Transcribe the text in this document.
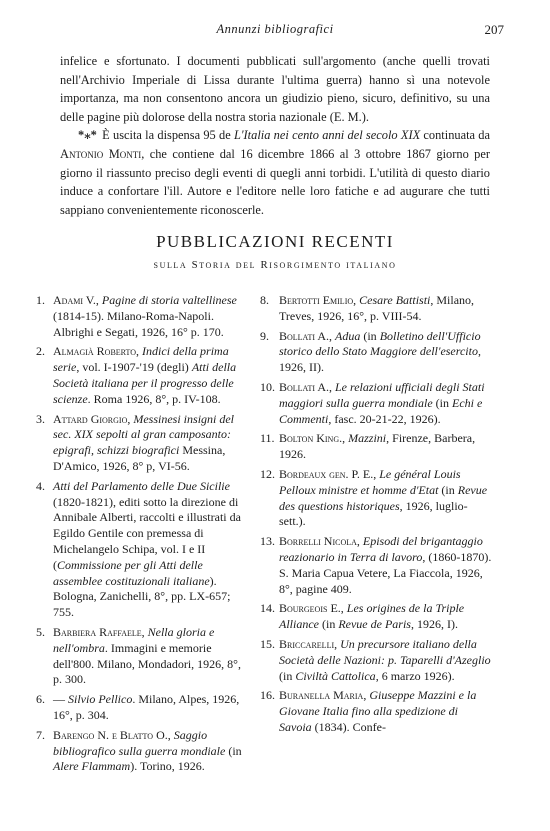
Annunzi bibliografici	207

infelice e sfortunato. I documenti pubblicati sull'argomento (anche quelli trovati nell'Archivio Imperiale di Lissa durante l'ultima guerra) hanno sì una notevole importanza, ma non consentono ancora un giudizio pieno, sicuro, definitivo, su una delle pagine più dolorose della nostra storia nazionale (E. M.).

*⁎* È uscita la dispensa 95 de L'Italia nei cento anni del secolo XIX continuata da Antonio Monti, che contiene dal 16 dicembre 1866 al 3 ottobre 1867 giorno per giorno il riassunto preciso degli eventi di quegli anni torbidi. L'utilità di questo diario induce a confortare l'ill. Autore e l'editore nelle loro fatiche e ad augurare che tutti sappiano convenientemente riconoscerle.

PUBBLICAZIONI RECENTI
sulla Storia del Risorgimento italiano

1. Adami V., Pagine di storia valtellinese (1814-15). Milano-Roma-Napoli. Albrighi e Segati, 1926, 16° p. 170.

2. Almagià Roberto, Indici della prima serie, vol. I-1907-'19 (degli) Atti della Società italiana per il progresso delle scienze. Roma 1926, 8°, p. IV-108.

3. Attard Giorgio, Messinesi insigni del sec. XIX sepolti al gran camposanto: epigrafi, schizzi biografici Messina, D'Amico, 1926, 8° p, VI-56.

4. Atti del Parlamento delle Due Sicilie (1820-1821), editi sotto la direzione di Annibale Alberti, raccolti e illustrati da Egildo Gentile con premessa di Michelangelo Schipa, vol. I e II (Commissione per gli Atti delle assemblee costituzionali italiane). Bologna, Zanichelli, 8°, pp. LX-657; 755.

5. Barbiera Raffaele, Nella gloria e nell'ombra. Immagini e memorie dell'800. Milano, Mondadori, 1926, 8°, p. 300.

6. — Silvio Pellico. Milano, Alpes, 1926, 16°, p. 304.

7. Barengo N. e Blatto O., Saggio bibliografico sulla guerra mondiale (in Alere Flammam). Torino, 1926.

8. Bertotti Emilio, Cesare Battisti, Milano, Treves, 1926, 16°, p. VIII-54.

9. Bollati A., Adua (in Bolletino dell'Ufficio storico dello Stato Maggiore dell'esercito, 1926, II).

10. Bollati A., Le relazioni ufficiali degli Stati maggiori sulla guerra mondiale (in Echi e Commenti, fasc. 20-21-22, 1926).

11. Bolton King., Mazzini, Firenze, Barbera, 1926.

12. Bordeaux gen. P. E., Le général Louis Pelloux ministre et homme d'Etat (in Revue des questions historiques, 1926, luglio-sett.).

13. Borrelli Nicola, Episodi del brigantaggio reazionario in Terra di lavoro, (1860-1870). S. Maria Capua Vetere, La Fiaccola, 1926, 8°, pagine 409.

14. Bourgeois E., Les origines de la Triple Alliance (in Revue de Paris, 1926, I).

15. Briccarelli, Un precursore italiano della Società delle Nazioni: p. Taparelli d'Azeglio (in Civiltà Cattolica, 6 marzo 1926).

16. Buranella Maria, Giuseppe Mazzini e la Giovane Italia fino alla spedizione di Savoia (1834). Confe-
